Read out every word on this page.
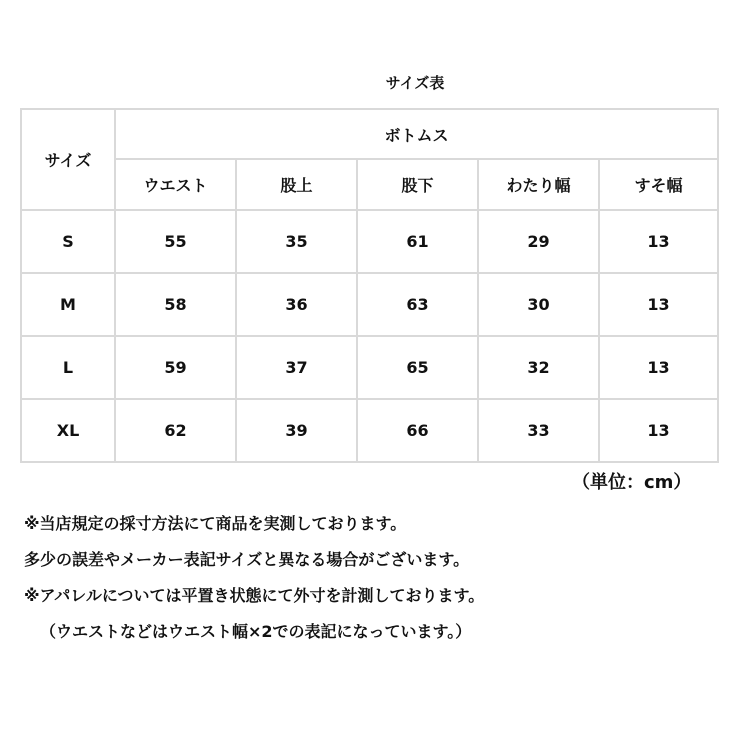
サイズ表
サイズ	ボトムス				
	ウエスト	股上	股下	わたり幅	すそ幅
S	55	35	61	29	13
M	58	36	63	30	13
L	59	37	65	32	13
XL	62	39	66	33	13
（単位：cm）
※当店規定の採寸方法にて商品を実測しております。
多少の誤差やメーカー表記サイズと異なる場合がございます。
※アパレルについては平置き状態にて外寸を計測しております。
（ウエストなどはウエスト幅×2での表記になっています。）
